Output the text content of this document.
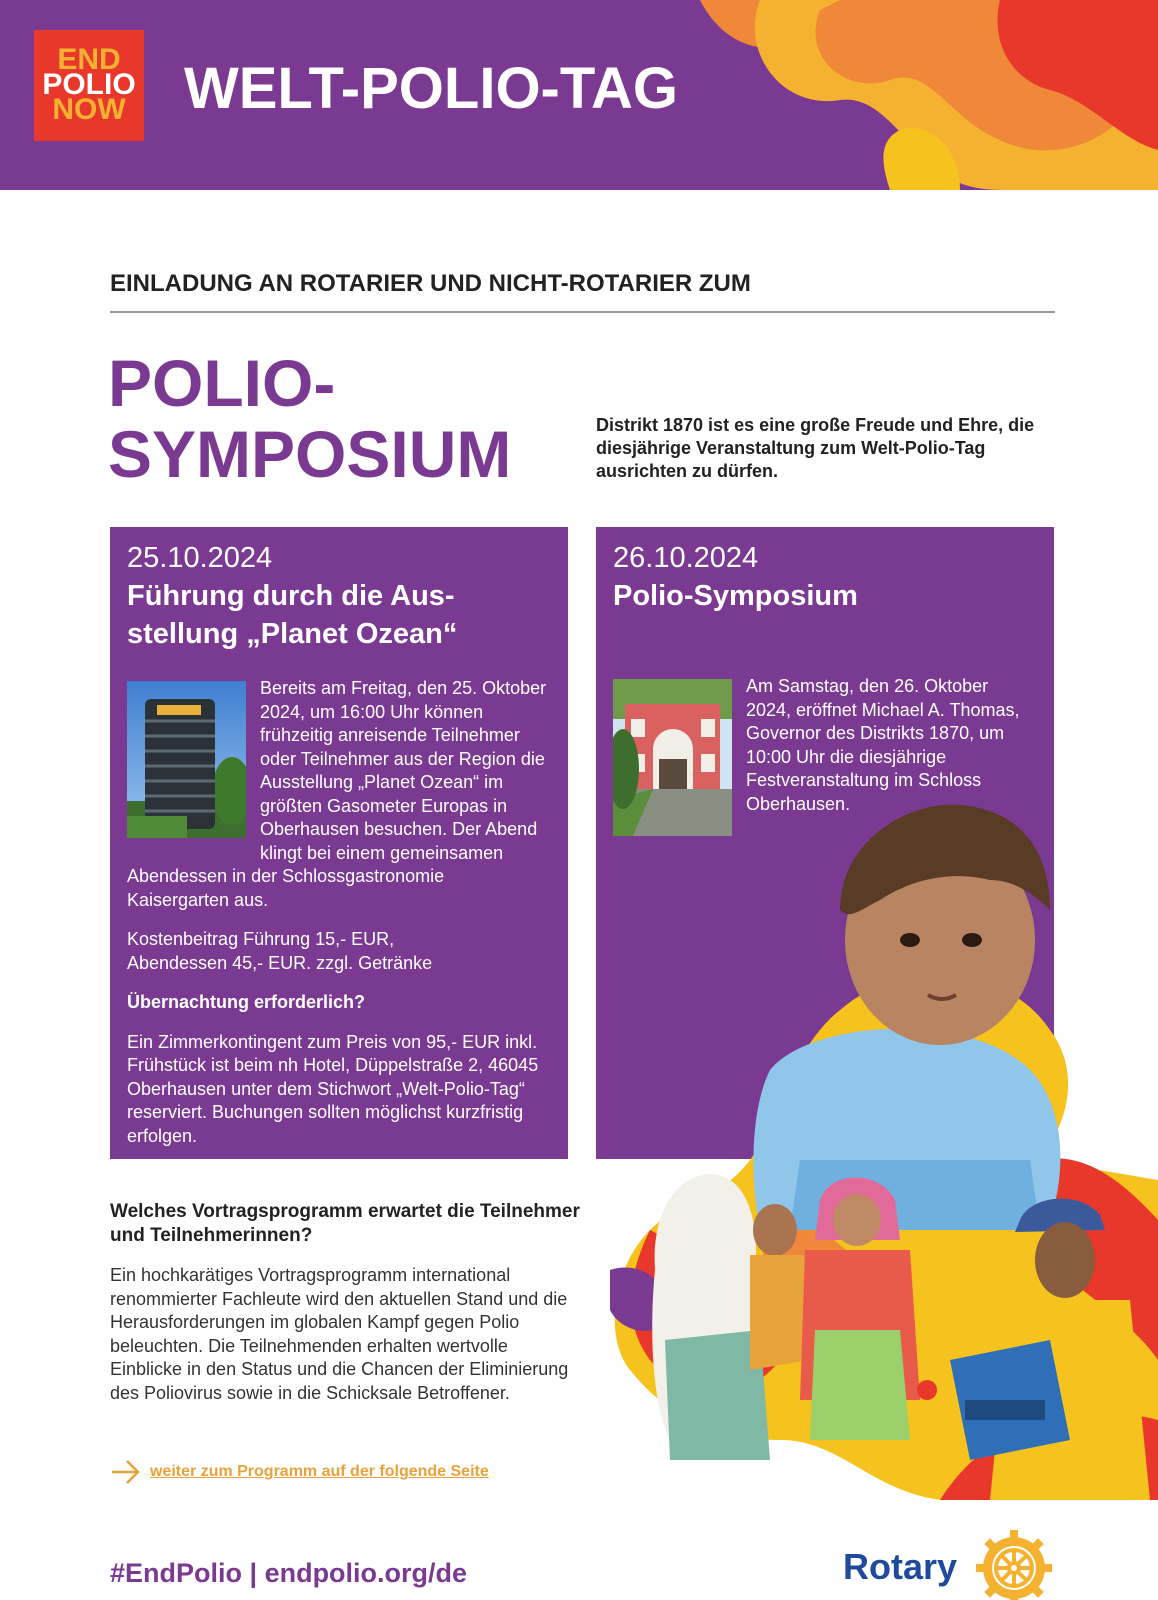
END
POLIO
NOW	WELT-POLIO-TAG
EINLADUNG AN ROTARIER UND NICHT-ROTARIER ZUM
POLIO-
SYMPOSIUM	Distrikt 1870 ist es eine große Freude und Ehre, die diesjährige Veranstaltung zum Welt-Polio-Tag ausrichten zu dürfen.
25.10.2024
Führung durch die Aus-
stellung „Planet Ozean“

Bereits am Freitag, den 25. Oktober 2024, um 16:00 Uhr können frühzeitig anreisende Teilnehmer oder Teilnehmer aus der Region die Ausstellung „Planet Ozean“ im größten Gasometer Europas in Oberhausen besuchen. Der Abend klingt bei einem gemeinsamen Abendessen in der Schlossgastronomie Kaisergarten aus.

Kostenbeitrag Führung 15,- EUR,
Abendessen 45,- EUR. zzgl. Getränke

Übernachtung erforderlich?

Ein Zimmerkontingent zum Preis von 95,- EUR inkl. Frühstück ist beim nh Hotel, Düppelstraße 2, 46045 Oberhausen unter dem Stichwort „Welt-Polio-Tag“ reserviert. Buchungen sollten möglichst kurzfristig erfolgen.

26.10.2024
Polio-Symposium

Am Samstag, den 26. Oktober 2024, eröffnet Michael A. Thomas, Governor des Distrikts 1870, um 10:00 Uhr die diesjährige Festveranstaltung im Schloss Oberhausen.

Welches Vortragsprogramm erwartet die Teilnehmer und Teilnehmerinnen?
Ein hochkarätiges Vortragsprogramm international renommierter Fachleute wird den aktuellen Stand und die Herausforderungen im globalen Kampf gegen Polio beleuchten. Die Teilnehmenden erhalten wertvolle Einblicke in den Status und die Chancen der Eliminierung des Poliovirus sowie in die Schicksale Betroffener.
weiter zum Programm auf der folgende Seite
#EndPolio | endpolio.org/de	Rotary
